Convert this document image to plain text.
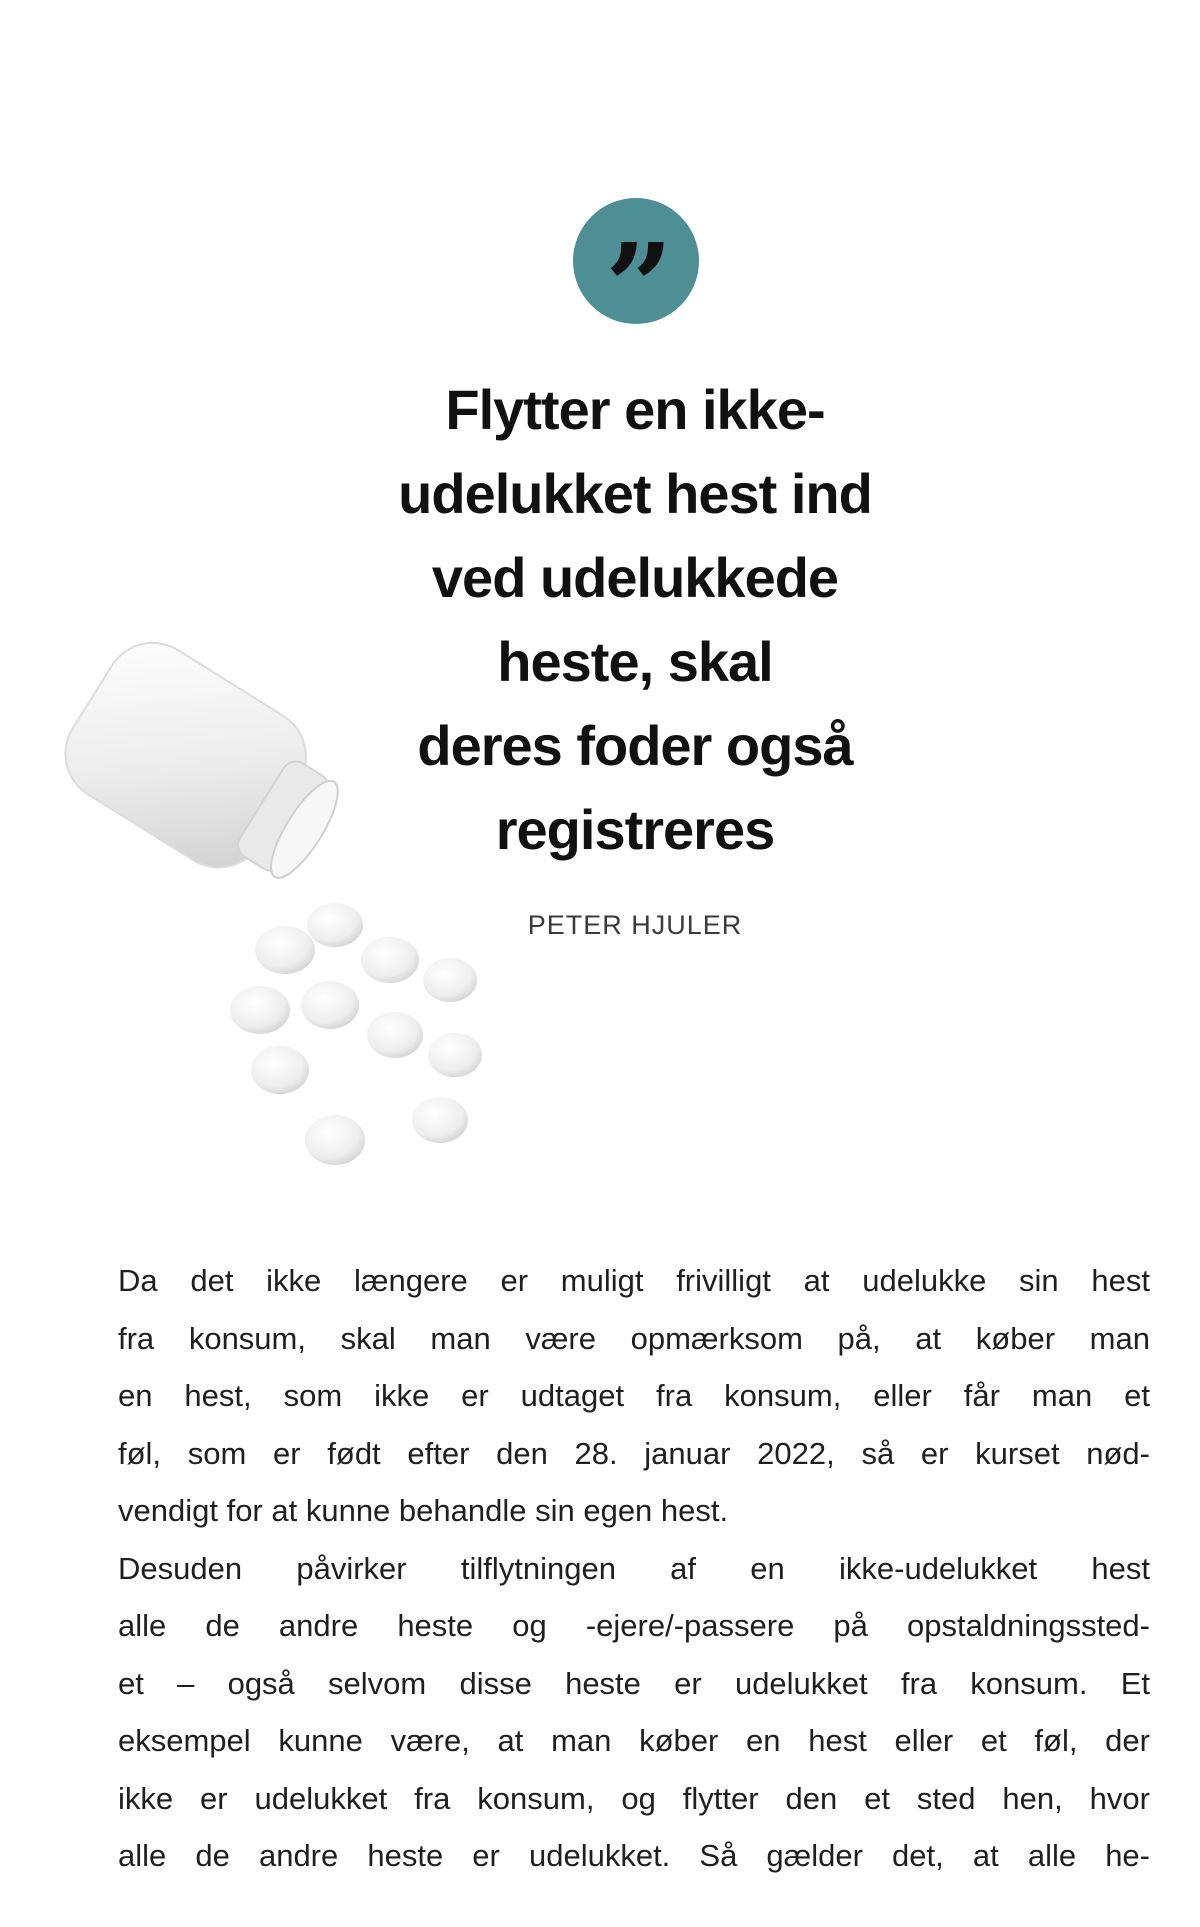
”
Flytter en ikke-
udelukket hest ind
ved udelukkede
heste, skal
deres foder også
registreres
PETER HJULER
Da det ikke længere er muligt frivilligt at udelukke sin hest
fra konsum, skal man være opmærksom på, at køber man
en hest, som ikke er udtaget fra konsum, eller får man et
føl, som er født efter den 28. januar 2022, så er kurset nød-
vendigt for at kunne behandle sin egen hest.
Desuden påvirker tilflytningen af en ikke-udelukket hest
alle de andre heste og -ejere/-passere på opstaldningssted-
et – også selvom disse heste er udelukket fra konsum. Et
eksempel kunne være, at man køber en hest eller et føl, der
ikke er udelukket fra konsum, og flytter den et sted hen, hvor
alle de andre heste er udelukket. Så gælder det, at alle he-
